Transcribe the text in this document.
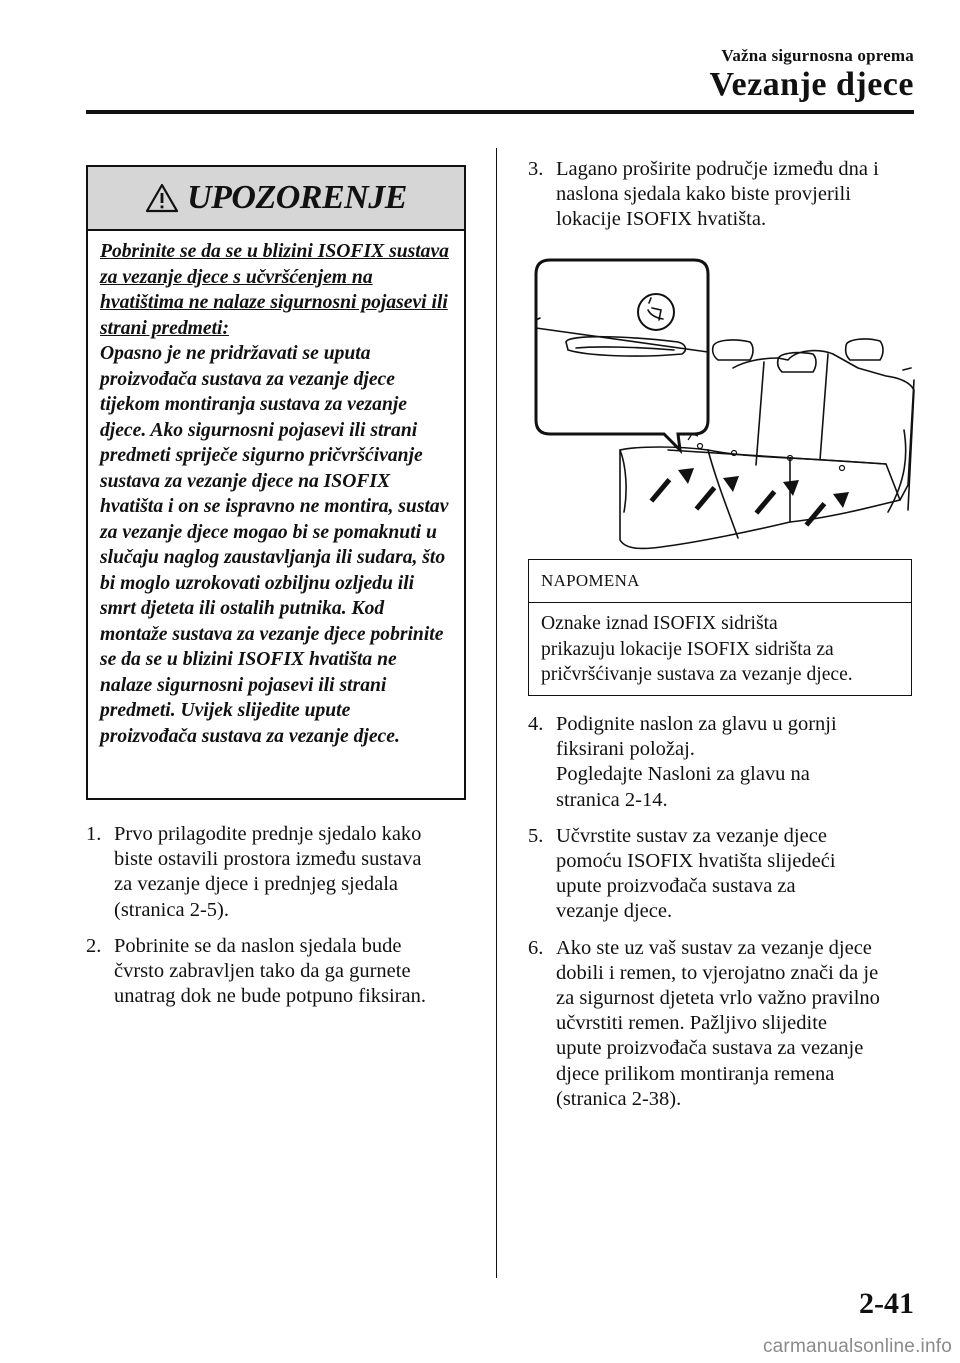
Važna sigurnosna oprema
Vezanje djece
UPOZORENJE
Pobrinite se da se u blizini ISOFIX sustava za vezanje djece s učvršćenjem na hvatištima ne nalaze sigurnosni pojasevi ili strani predmeti:
Opasno je ne pridržavati se uputa proizvođača sustava za vezanje djece tijekom montiranja sustava za vezanje djece. Ako sigurnosni pojasevi ili strani predmeti spriječe sigurno pričvršćivanje sustava za vezanje djece na ISOFIX hvatišta i on se ispravno ne montira, sustav za vezanje djece mogao bi se pomaknuti u slučaju naglog zaustavljanja ili sudara, što bi moglo uzrokovati ozbiljnu ozljedu ili smrt djeteta ili ostalih putnika. Kod montaže sustava za vezanje djece pobrinite se da se u blizini ISOFIX hvatišta ne nalaze sigurnosni pojasevi ili strani predmeti. Uvijek slijedite upute proizvođača sustava za vezanje djece.
1. Prvo prilagodite prednje sjedalo kako
biste ostavili prostora između sustava
za vezanje djece i prednjeg sjedala
(stranica 2-5).
2. Pobrinite se da naslon sjedala bude
čvrsto zabravljen tako da ga gurnete
unatrag dok ne bude potpuno fiksiran.
3. Lagano proširite područje između dna i
naslona sjedala kako biste provjerili
lokacije ISOFIX hvatišta.
NAPOMENA
Oznake iznad ISOFIX sidrišta
prikazuju lokacije ISOFIX sidrišta za
pričvršćivanje sustava za vezanje djece.
4. Podignite naslon za glavu u gornji
fiksirani položaj.
Pogledajte Nasloni za glavu na
stranica 2-14.
5. Učvrstite sustav za vezanje djece
pomoću ISOFIX hvatišta slijedeći
upute proizvođača sustava za
vezanje djece.
6. Ako ste uz vaš sustav za vezanje djece
dobili i remen, to vjerojatno znači da je
za sigurnost djeteta vrlo važno pravilno
učvrstiti remen. Pažljivo slijedite
upute proizvođača sustava za vezanje
djece prilikom montiranja remena
(stranica 2-38).
2-41
carmanualsonline.info
